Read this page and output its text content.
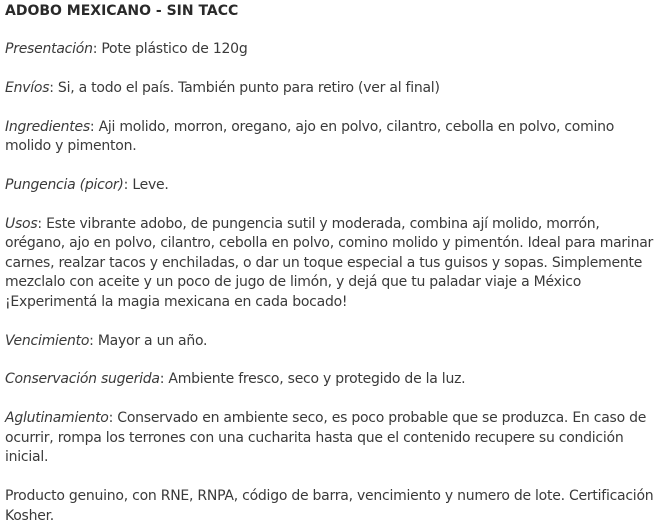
ADOBO MEXICANO - SIN TACC
Presentación: Pote plástico de 120g
Envíos: Si, a todo el país. También punto para retiro (ver al final)
Ingredientes: Aji molido, morron, oregano, ajo en polvo, cilantro, cebolla en polvo, comino molido y pimenton.
Pungencia (picor): Leve.
Usos: Este vibrante adobo, de pungencia sutil y moderada, combina ají molido, morrón, orégano, ajo en polvo, cilantro, cebolla en polvo, comino molido y pimentón. Ideal para marinar carnes, realzar tacos y enchiladas, o dar un toque especial a tus guisos y sopas. Simplemente mezclalo con aceite y un poco de jugo de limón, y dejá que tu paladar viaje a México ¡Experimentá la magia mexicana en cada bocado!
Vencimiento: Mayor a un año.
Conservación sugerida: Ambiente fresco, seco y protegido de la luz.
Aglutinamiento: Conservado en ambiente seco, es poco probable que se produzca. En caso de ocurrir, rompa los terrones con una cucharita hasta que el contenido recupere su condición inicial.
Producto genuino, con RNE, RNPA, código de barra, vencimiento y numero de lote. Certificación Kosher.
